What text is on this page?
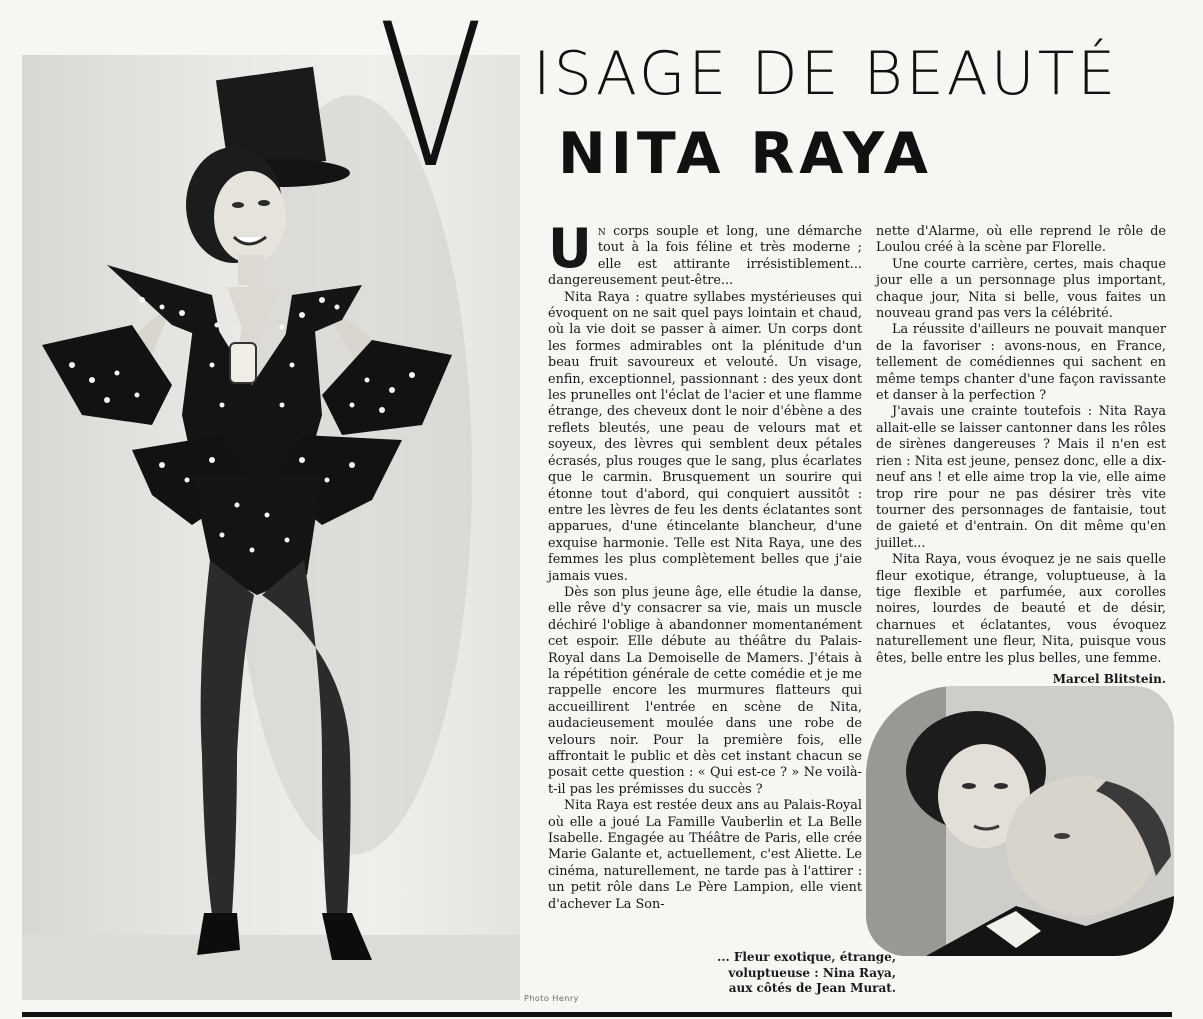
Photo Henry
V ISAGE DE BEAUTÉ
NITA RAYA

Un corps souple et long, une démarche tout à la fois féline et très moderne ; elle est attirante irrésistiblement... dangereusement peut-être...

Nita Raya : quatre syllabes mystérieuses qui évoquent on ne sait quel pays lointain et chaud, où la vie doit se passer à aimer. Un corps dont les formes admirables ont la plénitude d'un beau fruit savoureux et velouté. Un visage, enfin, exceptionnel, passionnant : des yeux dont les prunelles ont l'éclat de l'acier et une flamme étrange, des cheveux dont le noir d'ébène a des reflets bleutés, une peau de velours mat et soyeux, des lèvres qui semblent deux pétales écrasés, plus rouges que le sang, plus écarlates que le carmin. Brusquement un sourire qui étonne tout d'abord, qui conquiert aussitôt : entre les lèvres de feu les dents éclatantes sont apparues, d'une étincelante blancheur, d'une exquise harmonie. Telle est Nita Raya, une des femmes les plus complètement belles que j'aie jamais vues.

Dès son plus jeune âge, elle étudie la danse, elle rêve d'y consacrer sa vie, mais un muscle déchiré l'oblige à abandonner momentanément cet espoir. Elle débute au théâtre du Palais-Royal dans La Demoiselle de Mamers. J'étais à la répétition générale de cette comédie et je me rappelle encore les murmures flatteurs qui accueillirent l'entrée en scène de Nita, audacieusement moulée dans une robe de velours noir. Pour la première fois, elle affrontait le public et dès cet instant chacun se posait cette question : « Qui est-ce ? » Ne voilà-t-il pas les prémisses du succès ?

Nita Raya est restée deux ans au Palais-Royal où elle a joué La Famille Vauberlin et La Belle Isabelle. Engagée au Théâtre de Paris, elle crée Marie Galante et, actuellement, c'est Aliette. Le cinéma, naturellement, ne tarde pas à l'attirer : un petit rôle dans Le Père Lampion, elle vient d'achever La Son-

nette d'Alarme, où elle reprend le rôle de Loulou créé à la scène par Florelle.

Une courte carrière, certes, mais chaque jour elle a un personnage plus important, chaque jour, Nita si belle, vous faites un nouveau grand pas vers la célébrité.

La réussite d'ailleurs ne pouvait manquer de la favoriser : avons-nous, en France, tellement de comédiennes qui sachent en même temps chanter d'une façon ravissante et danser à la perfection ?

J'avais une crainte toutefois : Nita Raya allait-elle se laisser cantonner dans les rôles de sirènes dangereuses ? Mais il n'en est rien : Nita est jeune, pensez donc, elle a dix-neuf ans ! et elle aime trop la vie, elle aime trop rire pour ne pas désirer très vite tourner des personnages de fantaisie, tout de gaieté et d'entrain. On dit même qu'en juillet...

Nita Raya, vous évoquez je ne sais quelle fleur exotique, étrange, voluptueuse, à la tige flexible et parfumée, aux corolles noires, lourdes de beauté et de désir, charnues et éclatantes, vous évoquez naturellement une fleur, Nita, puisque vous êtes, belle entre les plus belles, une femme.

Marcel Blitstein.

... Fleur exotique, étrange,
voluptueuse : Nina Raya,
aux côtés de Jean Murat.
